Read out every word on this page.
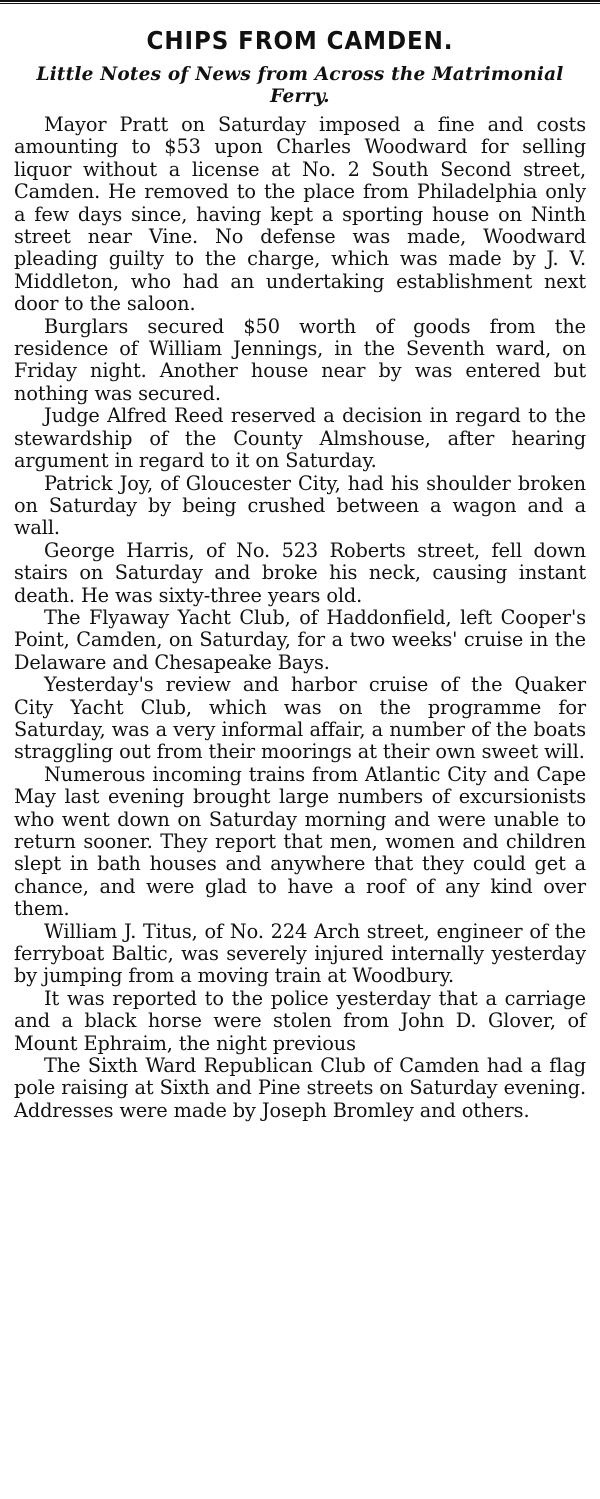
CHIPS FROM CAMDEN.
Little Notes of News from Across the Matrimonial Ferry.

Mayor Pratt on Saturday imposed a fine and costs amounting to $53 upon Charles Woodward for selling liquor without a license at No. 2 South Second street, Camden. He removed to the place from Philadelphia only a few days since, having kept a sporting house on Ninth street near Vine. No defense was made, Woodward pleading guilty to the charge, which was made by J. V. Middleton, who had an undertaking establishment next door to the saloon.

Burglars secured $50 worth of goods from the residence of William Jennings, in the Seventh ward, on Friday night. Another house near by was entered but nothing was secured.

Judge Alfred Reed reserved a decision in regard to the stewardship of the County Almshouse, after hearing argument in regard to it on Saturday.

Patrick Joy, of Gloucester City, had his shoulder broken on Saturday by being crushed between a wagon and a wall.

George Harris, of No. 523 Roberts street, fell down stairs on Saturday and broke his neck, causing instant death. He was sixty-three years old.

The Flyaway Yacht Club, of Haddonfield, left Cooper's Point, Camden, on Saturday, for a two weeks' cruise in the Delaware and Chesapeake Bays.

Yesterday's review and harbor cruise of the Quaker City Yacht Club, which was on the programme for Saturday, was a very informal affair, a number of the boats straggling out from their moorings at their own sweet will.

Numerous incoming trains from Atlantic City and Cape May last evening brought large numbers of excursionists who went down on Saturday morning and were unable to return sooner. They report that men, women and children slept in bath houses and anywhere that they could get a chance, and were glad to have a roof of any kind over them.

William J. Titus, of No. 224 Arch street, engineer of the ferryboat Baltic, was severely injured internally yesterday by jumping from a moving train at Woodbury.

It was reported to the police yesterday that a carriage and a black horse were stolen from John D. Glover, of Mount Ephraim, the night previous

The Sixth Ward Republican Club of Camden had a flag pole raising at Sixth and Pine streets on Saturday evening. Addresses were made by Joseph Bromley and others.
